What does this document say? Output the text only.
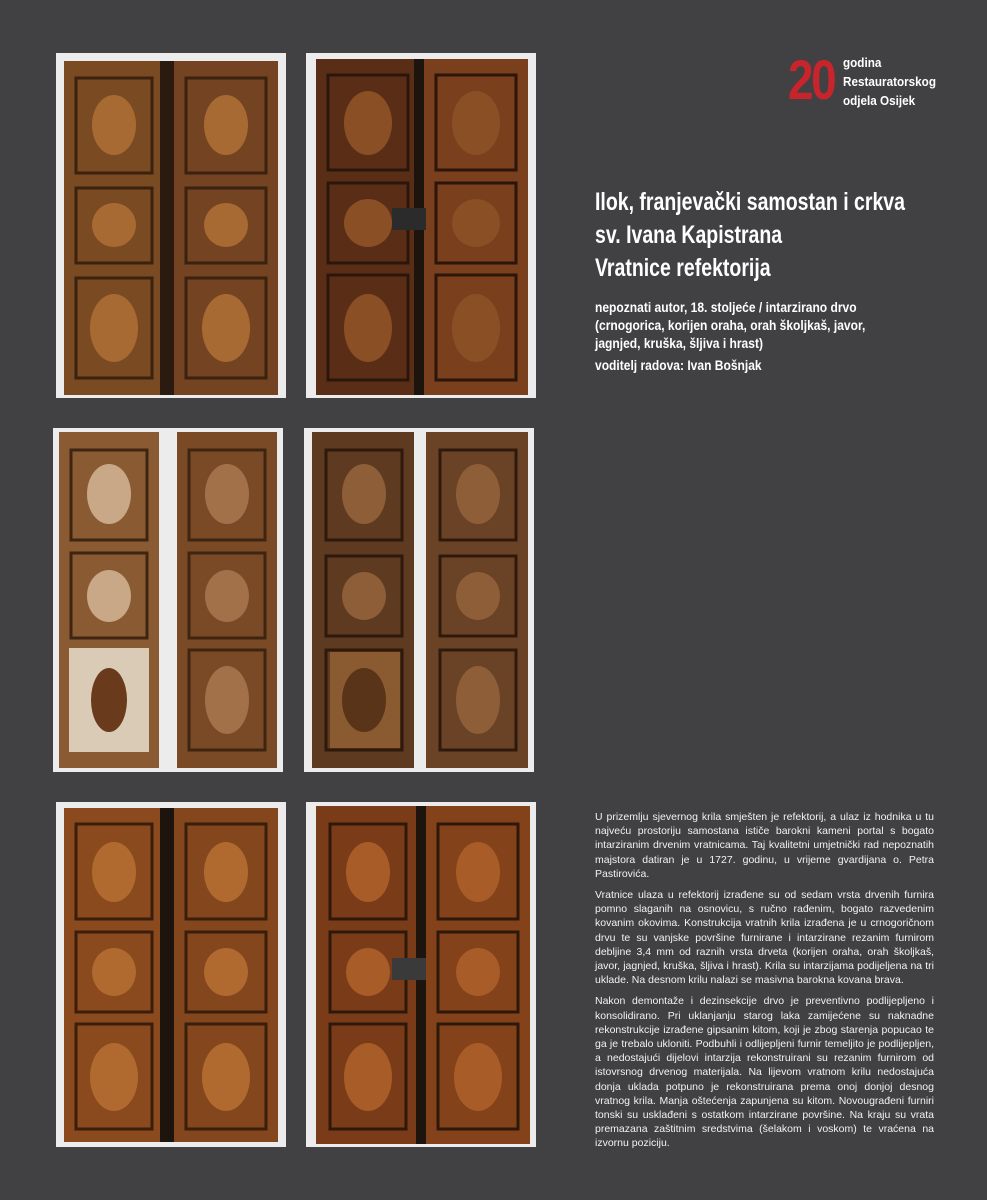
20 godina
Restauratorskog
odjela Osijek
Ilok, franjevački samostan i crkva
sv. Ivana Kapistrana
Vratnice refektorija
nepoznati autor, 18. stoljeće / intarzirano drvo
(crnogorica, korijen oraha, orah školjkaš, javor,
jagnjed, kruška, šljiva i hrast)
voditelj radova: Ivan Bošnjak

U prizemlju sjevernog krila smješten je refektorij, a ulaz iz hodnika u tu najveću prostoriju samostana ističe barokni kameni portal s bogato intarziranim drvenim vratnicama. Taj kvalitetni umjetnički rad nepoznatih majstora datiran je u 1727. godinu, u vrijeme gvardijana o. Petra Pastirovića.

Vratnice ulaza u refektorij izrađene su od sedam vrsta drvenih furnira pomno slaganih na osnovicu, s ručno rađenim, bogato razvedenim kovanim okovima. Konstrukcija vratnih krila izrađena je u crnogoričnom drvu te su vanjske površine furnirane i intarzirane rezanim furnirom debljine 3,4 mm od raznih vrsta drveta (korijen oraha, orah školjkaš, javor, jagnjed, kruška, šljiva i hrast). Krila su intarzijama podijeljena na tri uklade. Na desnom krilu nalazi se masivna barokna kovana brava.

Nakon demontaže i dezinsekcije drvo je preventivno podlijepljeno i konsolidirano. Pri uklanjanju starog laka zamijećene su naknadne rekonstrukcije izrađene gipsanim kitom, koji je zbog starenja popucao te ga je trebalo ukloniti. Podbuhli i odlijepljeni furnir temeljito je podlijepljen, a nedostajući dijelovi intarzija rekonstruirani su rezanim furnirom od istovrsnog drvenog materijala. Na lijevom vratnom krilu nedostajuća donja uklada potpuno je rekonstruirana prema onoj donjoj desnog vratnog krila. Manja oštećenja zapunjena su kitom. Novougrađeni furniri tonski su usklađeni s ostatkom intarzirane površine. Na kraju su vrata premazana zaštitnim sredstvima (šelakom i voskom) te vraćena na izvornu poziciju.
